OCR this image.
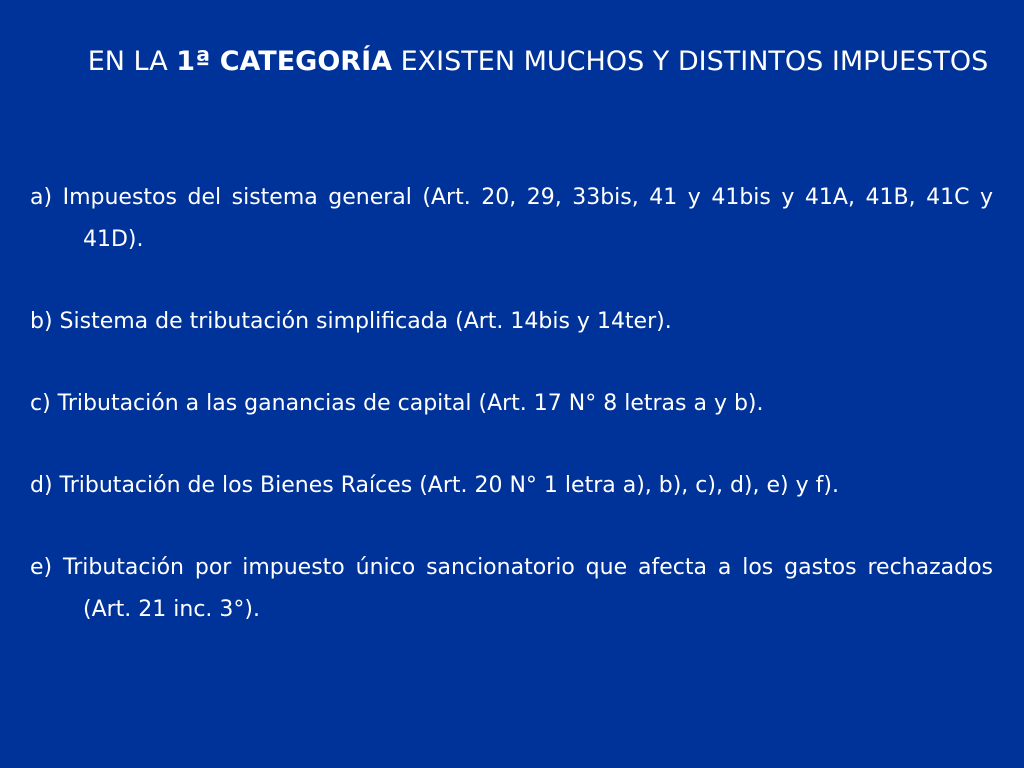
EN LA 1ª CATEGORÍA EXISTEN MUCHOS Y DISTINTOS IMPUESTOS
a) Impuestos del sistema general (Art. 20, 29, 33bis, 41 y 41bis y 41A, 41B, 41C y 41D).
b) Sistema de tributación simplificada (Art. 14bis y 14ter).
c) Tributación a las ganancias de capital (Art. 17 N° 8 letras a y b).
d) Tributación de los Bienes Raíces (Art. 20 N° 1 letra a), b), c), d), e) y f).
e) Tributación por impuesto único sancionatorio que afecta a los gastos rechazados (Art. 21 inc. 3°).
